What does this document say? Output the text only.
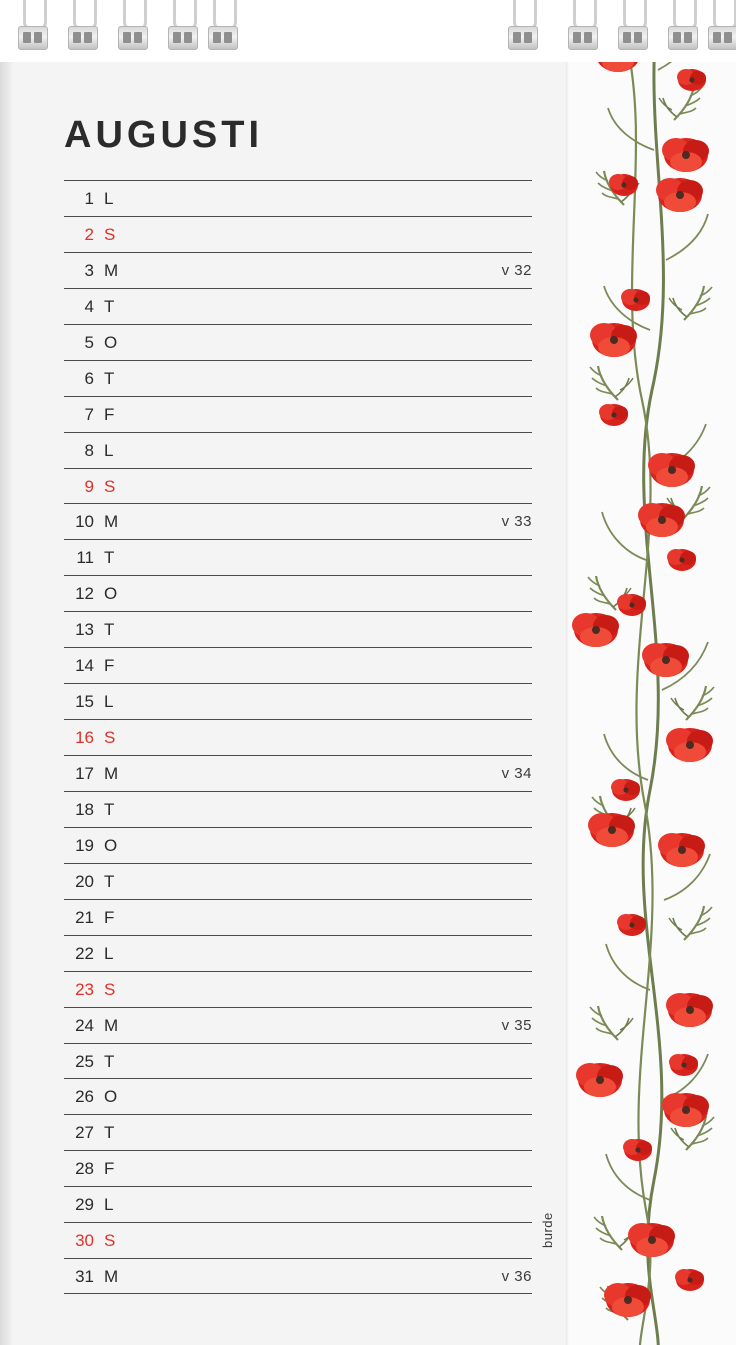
AUGUSTI
1 L
2 S
3 M	v 32
4 T
5 O
6 T
7 F
8 L
9 S
10 M	v 33
11 T
12 O
13 T
14 F
15 L
16 S
17 M	v 34
18 T
19 O
20 T
21 F
22 L
23 S
24 M	v 35
25 T
26 O
27 T
28 F
29 L
30 S
31 M	v 36
burde
